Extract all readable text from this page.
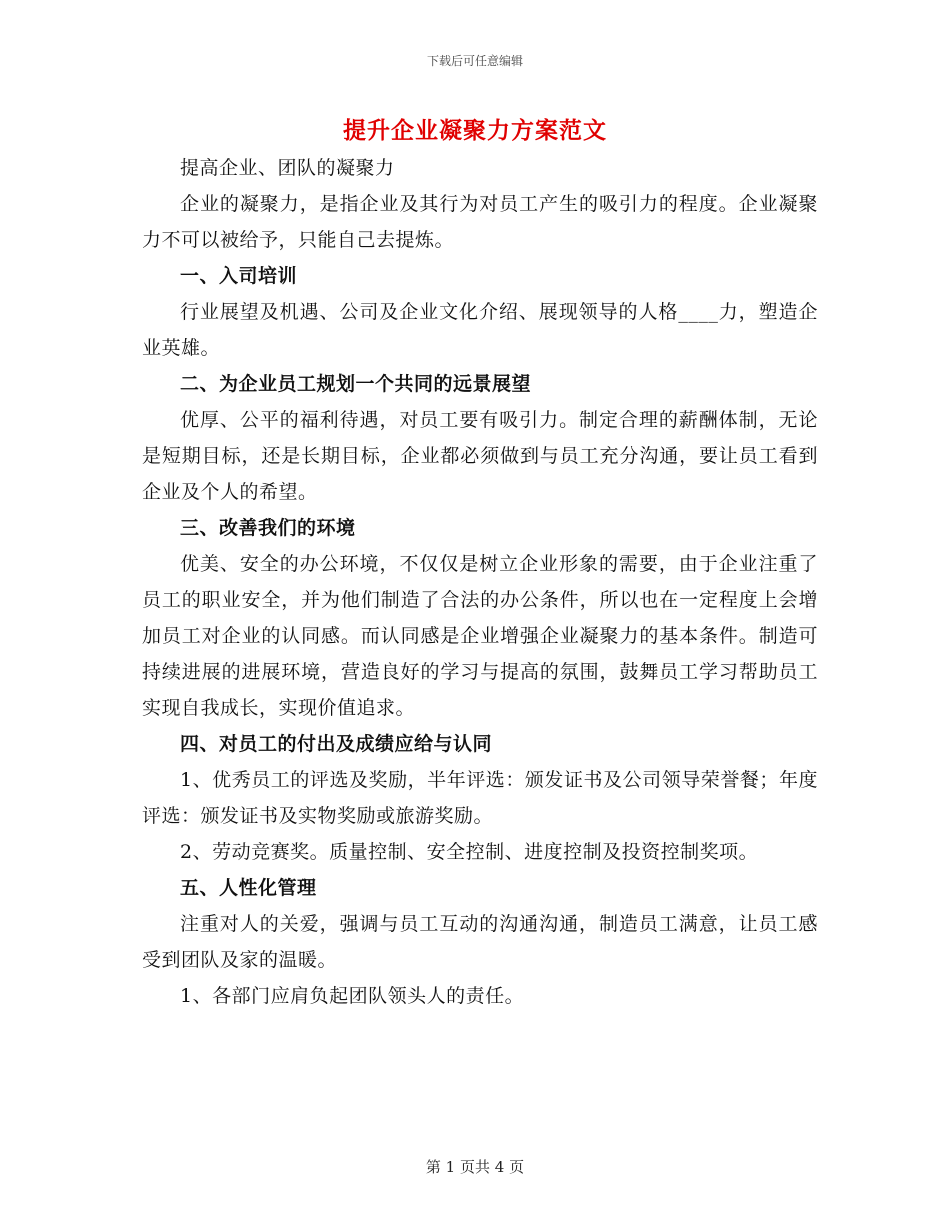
下载后可任意编辑
提升企业凝聚力方案范文

提高企业、团队的凝聚力

企业的凝聚力，是指企业及其行为对员工产生的吸引力的程度。企业凝聚力不可以被给予，只能自己去提炼。

一、入司培训

行业展望及机遇、公司及企业文化介绍、展现领导的人格____力，塑造企业英雄。

二、为企业员工规划一个共同的远景展望

优厚、公平的福利待遇，对员工要有吸引力。制定合理的薪酬体制，无论是短期目标，还是长期目标，企业都必须做到与员工充分沟通，要让员工看到企业及个人的希望。

三、改善我们的环境

优美、安全的办公环境，不仅仅是树立企业形象的需要，由于企业注重了员工的职业安全，并为他们制造了合法的办公条件，所以也在一定程度上会增加员工对企业的认同感。而认同感是企业增强企业凝聚力的基本条件。制造可持续进展的进展环境，营造良好的学习与提高的氛围，鼓舞员工学习帮助员工实现自我成长，实现价值追求。

四、对员工的付出及成绩应给与认同

1、优秀员工的评选及奖励，半年评选：颁发证书及公司领导荣誉餐；年度评选：颁发证书及实物奖励或旅游奖励。

2、劳动竞赛奖。质量控制、安全控制、进度控制及投资控制奖项。

五、人性化管理

注重对人的关爱，强调与员工互动的沟通沟通，制造员工满意，让员工感受到团队及家的温暖。

1、各部门应肩负起团队领头人的责任。

第 1 页共 4 页
